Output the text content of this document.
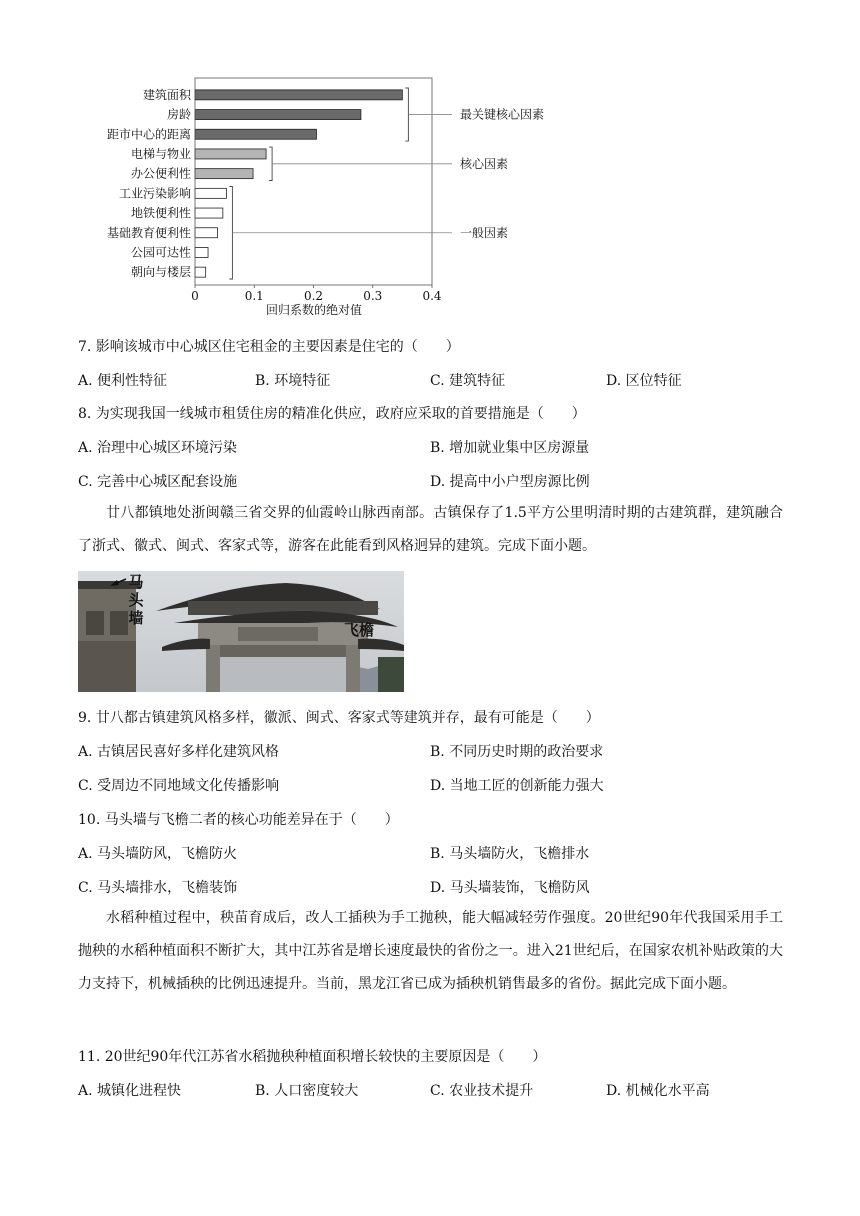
建筑面积
房龄
距市中心的距离
电梯与物业
办公便利性
工业污染影响
地铁便利性
基础教育便利性
公园可达性
朝向与楼层
0	0.1	0.2	0.3	0.4
最关键核心因素
核心因素
一般因素
回归系数的绝对值
7. 影响该城市中心城区住宅租金的主要因素是住宅的（　　）
A. 便利性特征	B. 环境特征	C. 建筑特征	D. 区位特征
8. 为实现我国一线城市租赁住房的精准化供应，政府应采取的首要措施是（　　）
A. 治理中心城区环境污染	B. 增加就业集中区房源量
C. 完善中心城区配套设施	D. 提高中小户型房源比例

廿八都镇地处浙闽赣三省交界的仙霞岭山脉西南部。古镇保存了1.5平方公里明清时期的古建筑群，建筑融合了浙式、徽式、闽式、客家式等，游客在此能看到风格迥异的建筑。完成下面小题。

马
头
墙
飞檐
9. 廿八都古镇建筑风格多样，徽派、闽式、客家式等建筑并存，最有可能是（　　）
A. 古镇居民喜好多样化建筑风格	B. 不同历史时期的政治要求
C. 受周边不同地域文化传播影响	D. 当地工匠的创新能力强大
10. 马头墙与飞檐二者的核心功能差异在于（　　）
A. 马头墙防风，飞檐防火	B. 马头墙防火，飞檐排水
C. 马头墙排水，飞檐装饰	D. 马头墙装饰，飞檐防风

水稻种植过程中，秧苗育成后，改人工插秧为手工抛秧，能大幅减轻劳作强度。20世纪90年代我国采用手工抛秧的水稻种植面积不断扩大，其中江苏省是增长速度最快的省份之一。进入21世纪后，在国家农机补贴政策的大力支持下，机械插秧的比例迅速提升。当前，黑龙江省已成为插秧机销售最多的省份。据此完成下面小题。

11. 20世纪90年代江苏省水稻抛秧种植面积增长较快的主要原因是（　　）
A. 城镇化进程快	B. 人口密度较大	C. 农业技术提升	D. 机械化水平高
